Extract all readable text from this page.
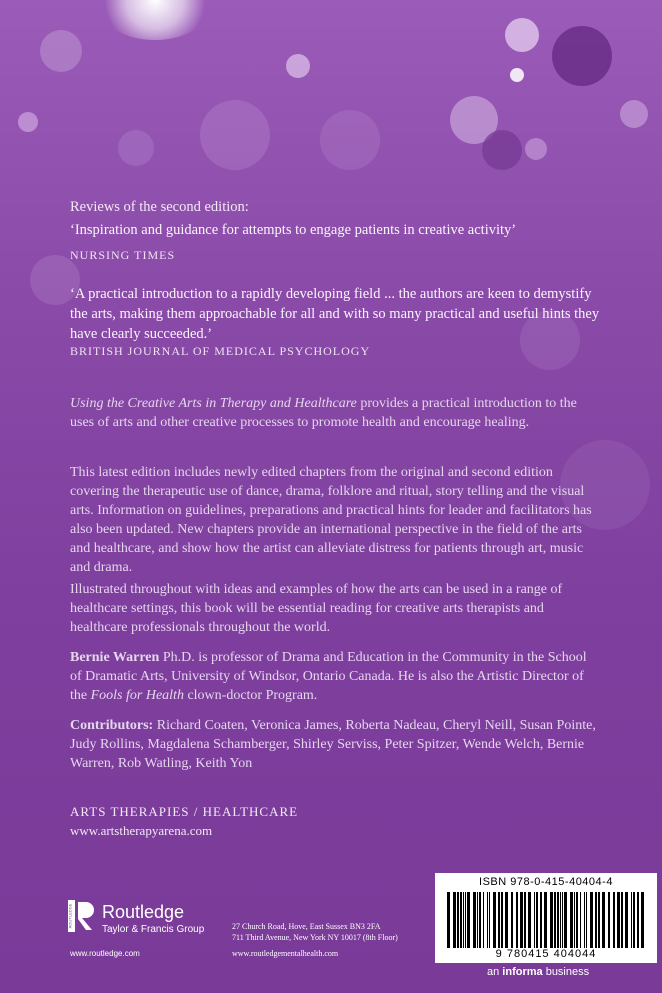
Reviews of the second edition:
‘Inspiration and guidance for attempts to engage patients in creative activity’
NURSING TIMES
‘A practical introduction to a rapidly developing field ... the authors are keen to demystify the arts, making them approachable for all and with so many practical and useful hints they have clearly succeeded.’
BRITISH JOURNAL OF MEDICAL PSYCHOLOGY
Using the Creative Arts in Therapy and Healthcare provides a practical introduction to the uses of arts and other creative processes to promote health and encourage healing.
This latest edition includes newly edited chapters from the original and second edition covering the therapeutic use of dance, drama, folklore and ritual, story telling and the visual arts. Information on guidelines, preparations and practical hints for leader and facilitators has also been updated. New chapters provide an international perspective in the field of the arts and healthcare, and show how the artist can alleviate distress for patients through art, music and drama.
Illustrated throughout with ideas and examples of how the arts can be used in a range of healthcare settings, this book will be essential reading for creative arts therapists and healthcare professionals throughout the world.
Bernie Warren Ph.D. is professor of Drama and Education in the Community in the School of Dramatic Arts, University of Windsor, Ontario Canada. He is also the Artistic Director of the Fools for Health clown-doctor Program.
Contributors: Richard Coaten, Veronica James, Roberta Nadeau, Cheryl Neill, Susan Pointe, Judy Rollins, Magdalena Schamberger, Shirley Serviss, Peter Spitzer, Wende Welch, Bernie Warren, Rob Watling, Keith Yon
ARTS THERAPIES / HEALTHCARE
www.artstherapyarena.com
ROUTLEDGE Routledge
Taylor & Francis Group
www.routledge.com
27 Church Road, Hove, East Sussex BN3 2FA
711 Third Avenue, New York NY 10017 (8th Floor)
www.routledgementalhealth.com
ISBN 978-0-415-40404-4
9 780415 404044
an informa business
